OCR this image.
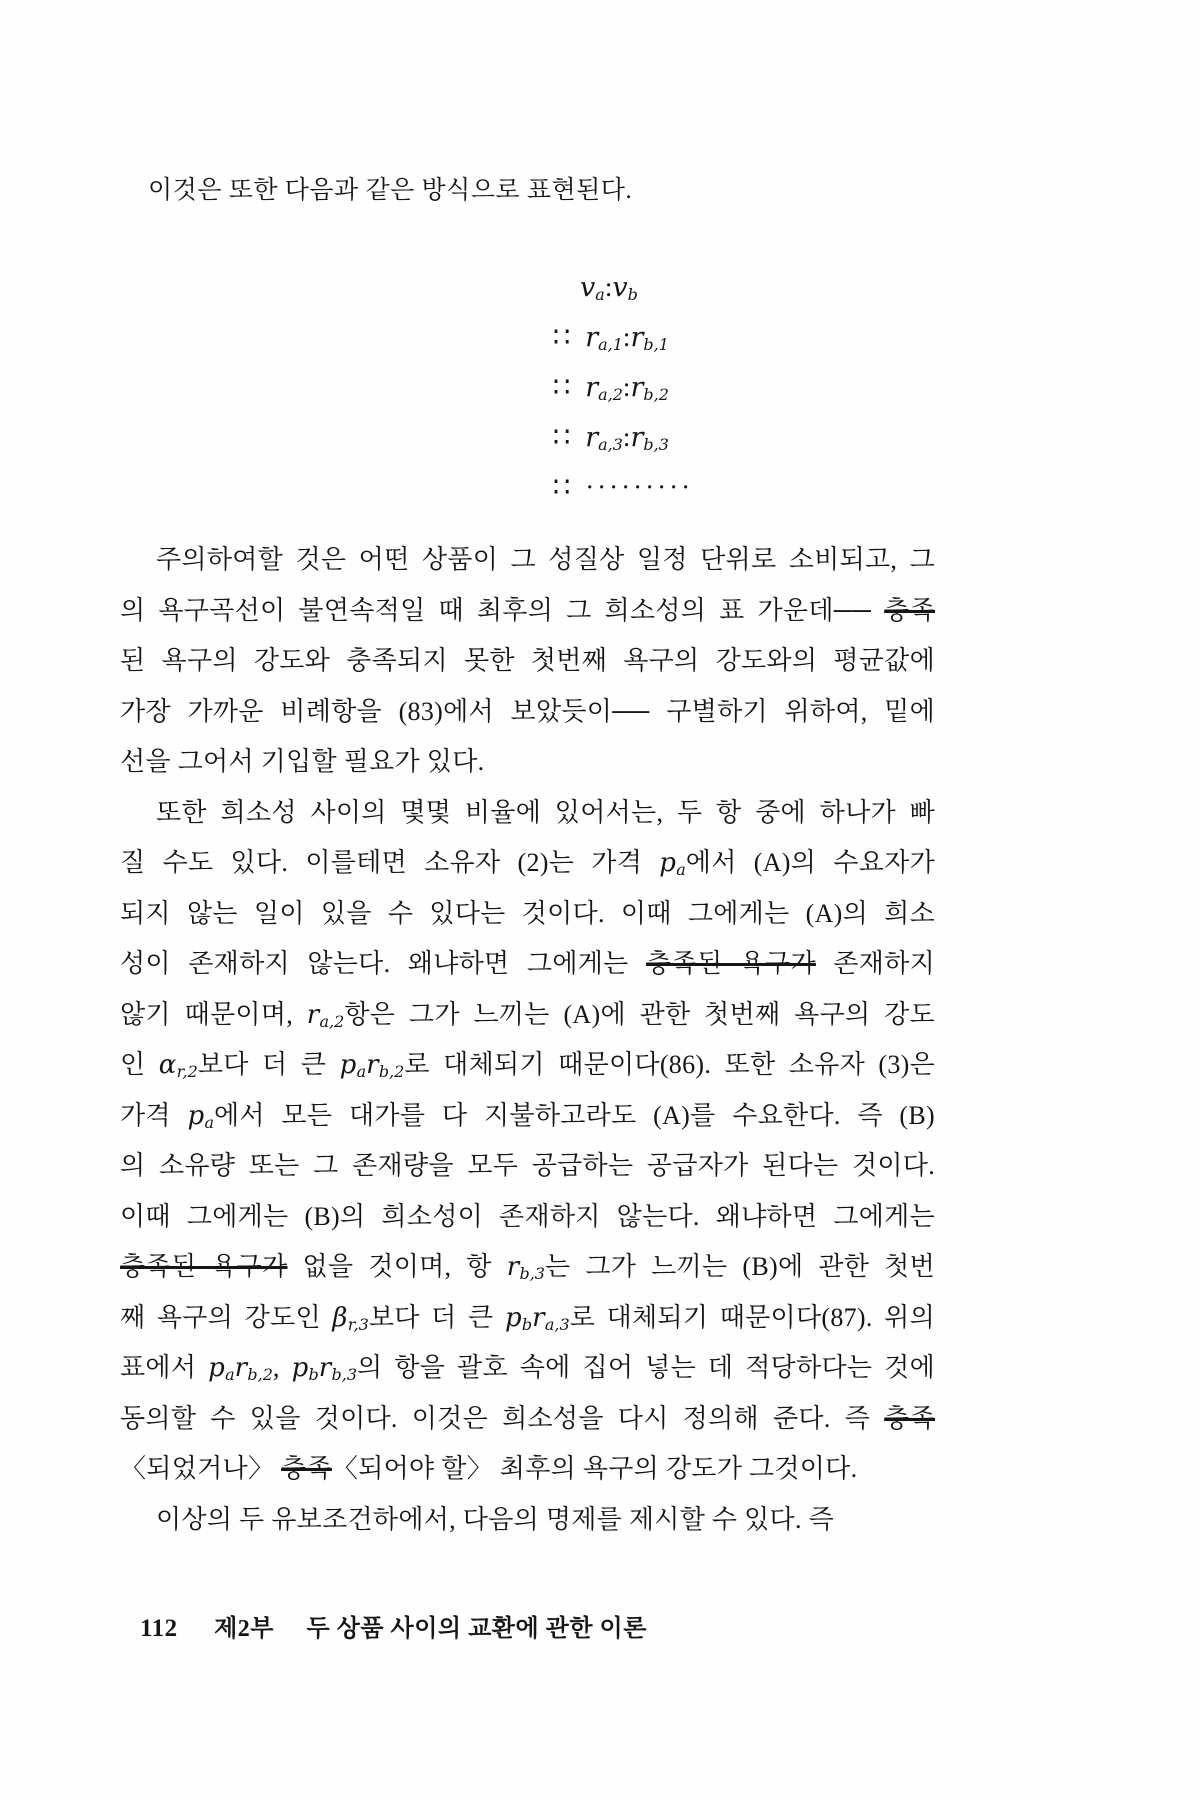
이것은 또한 다음과 같은 방식으로 표현된다.

$v_a$ : $v_b$
∷ $r_{a,1}$ : $r_{b,1}$
∷ $r_{a,2}$ : $r_{b,2}$
∷ $r_{a,3}$ : $r_{b,3}$
∷ ·········
주의하여할 것은 어떤 상품이 그 성질상 일정 단위로 소비되고, 그
의 욕구곡선이 불연속적일 때 최후의 그 희소성의 표 가운데── 충족
된 욕구의 강도와 충족되지 못한 첫번째 욕구의 강도와의 평균값에
가장 가까운 비례항을 (83)에서 보았듯이── 구별하기 위하여, 밑에
선을 그어서 기입할 필요가 있다.
또한 희소성 사이의 몇몇 비율에 있어서는, 두 항 중에 하나가 빠
질 수도 있다. 이를테면 소유자 (2)는 가격 $p_a$에서 (A)의 수요자가
되지 않는 일이 있을 수 있다는 것이다. 이때 그에게는 (A)의 희소
성이 존재하지 않는다. 왜냐하면 그에게는 충족된 욕구가 존재하지
않기 때문이며, $r_{a,2}$항은 그가 느끼는 (A)에 관한 첫번째 욕구의 강도
인 $\alpha_{r,2}$보다 더 큰 $p_ar_{b,2}$로 대체되기 때문이다(86). 또한 소유자 (3)은
가격 $p_a$에서 모든 대가를 다 지불하고라도 (A)를 수요한다. 즉 (B)
의 소유량 또는 그 존재량을 모두 공급하는 공급자가 된다는 것이다.
이때 그에게는 (B)의 희소성이 존재하지 않는다. 왜냐하면 그에게는
충족된 욕구가 없을 것이며, 항 $r_{b,3}$는 그가 느끼는 (B)에 관한 첫번
째 욕구의 강도인 $\beta_{r,3}$보다 더 큰 $p_br_{a,3}$로 대체되기 때문이다(87). 위의
표에서 $p_ar_{b,2}$, $p_br_{b,3}$의 항을 괄호 속에 집어 넣는 데 적당하다는 것에
동의할 수 있을 것이다. 이것은 희소성을 다시 정의해 준다. 즉 충족
〈되었거나〉 충족〈되어야 할〉 최후의 욕구의 강도가 그것이다.
이상의 두 유보조건하에서, 다음의 명제를 제시할 수 있다. 즉
112 제2부 두 상품 사이의 교환에 관한 이론
